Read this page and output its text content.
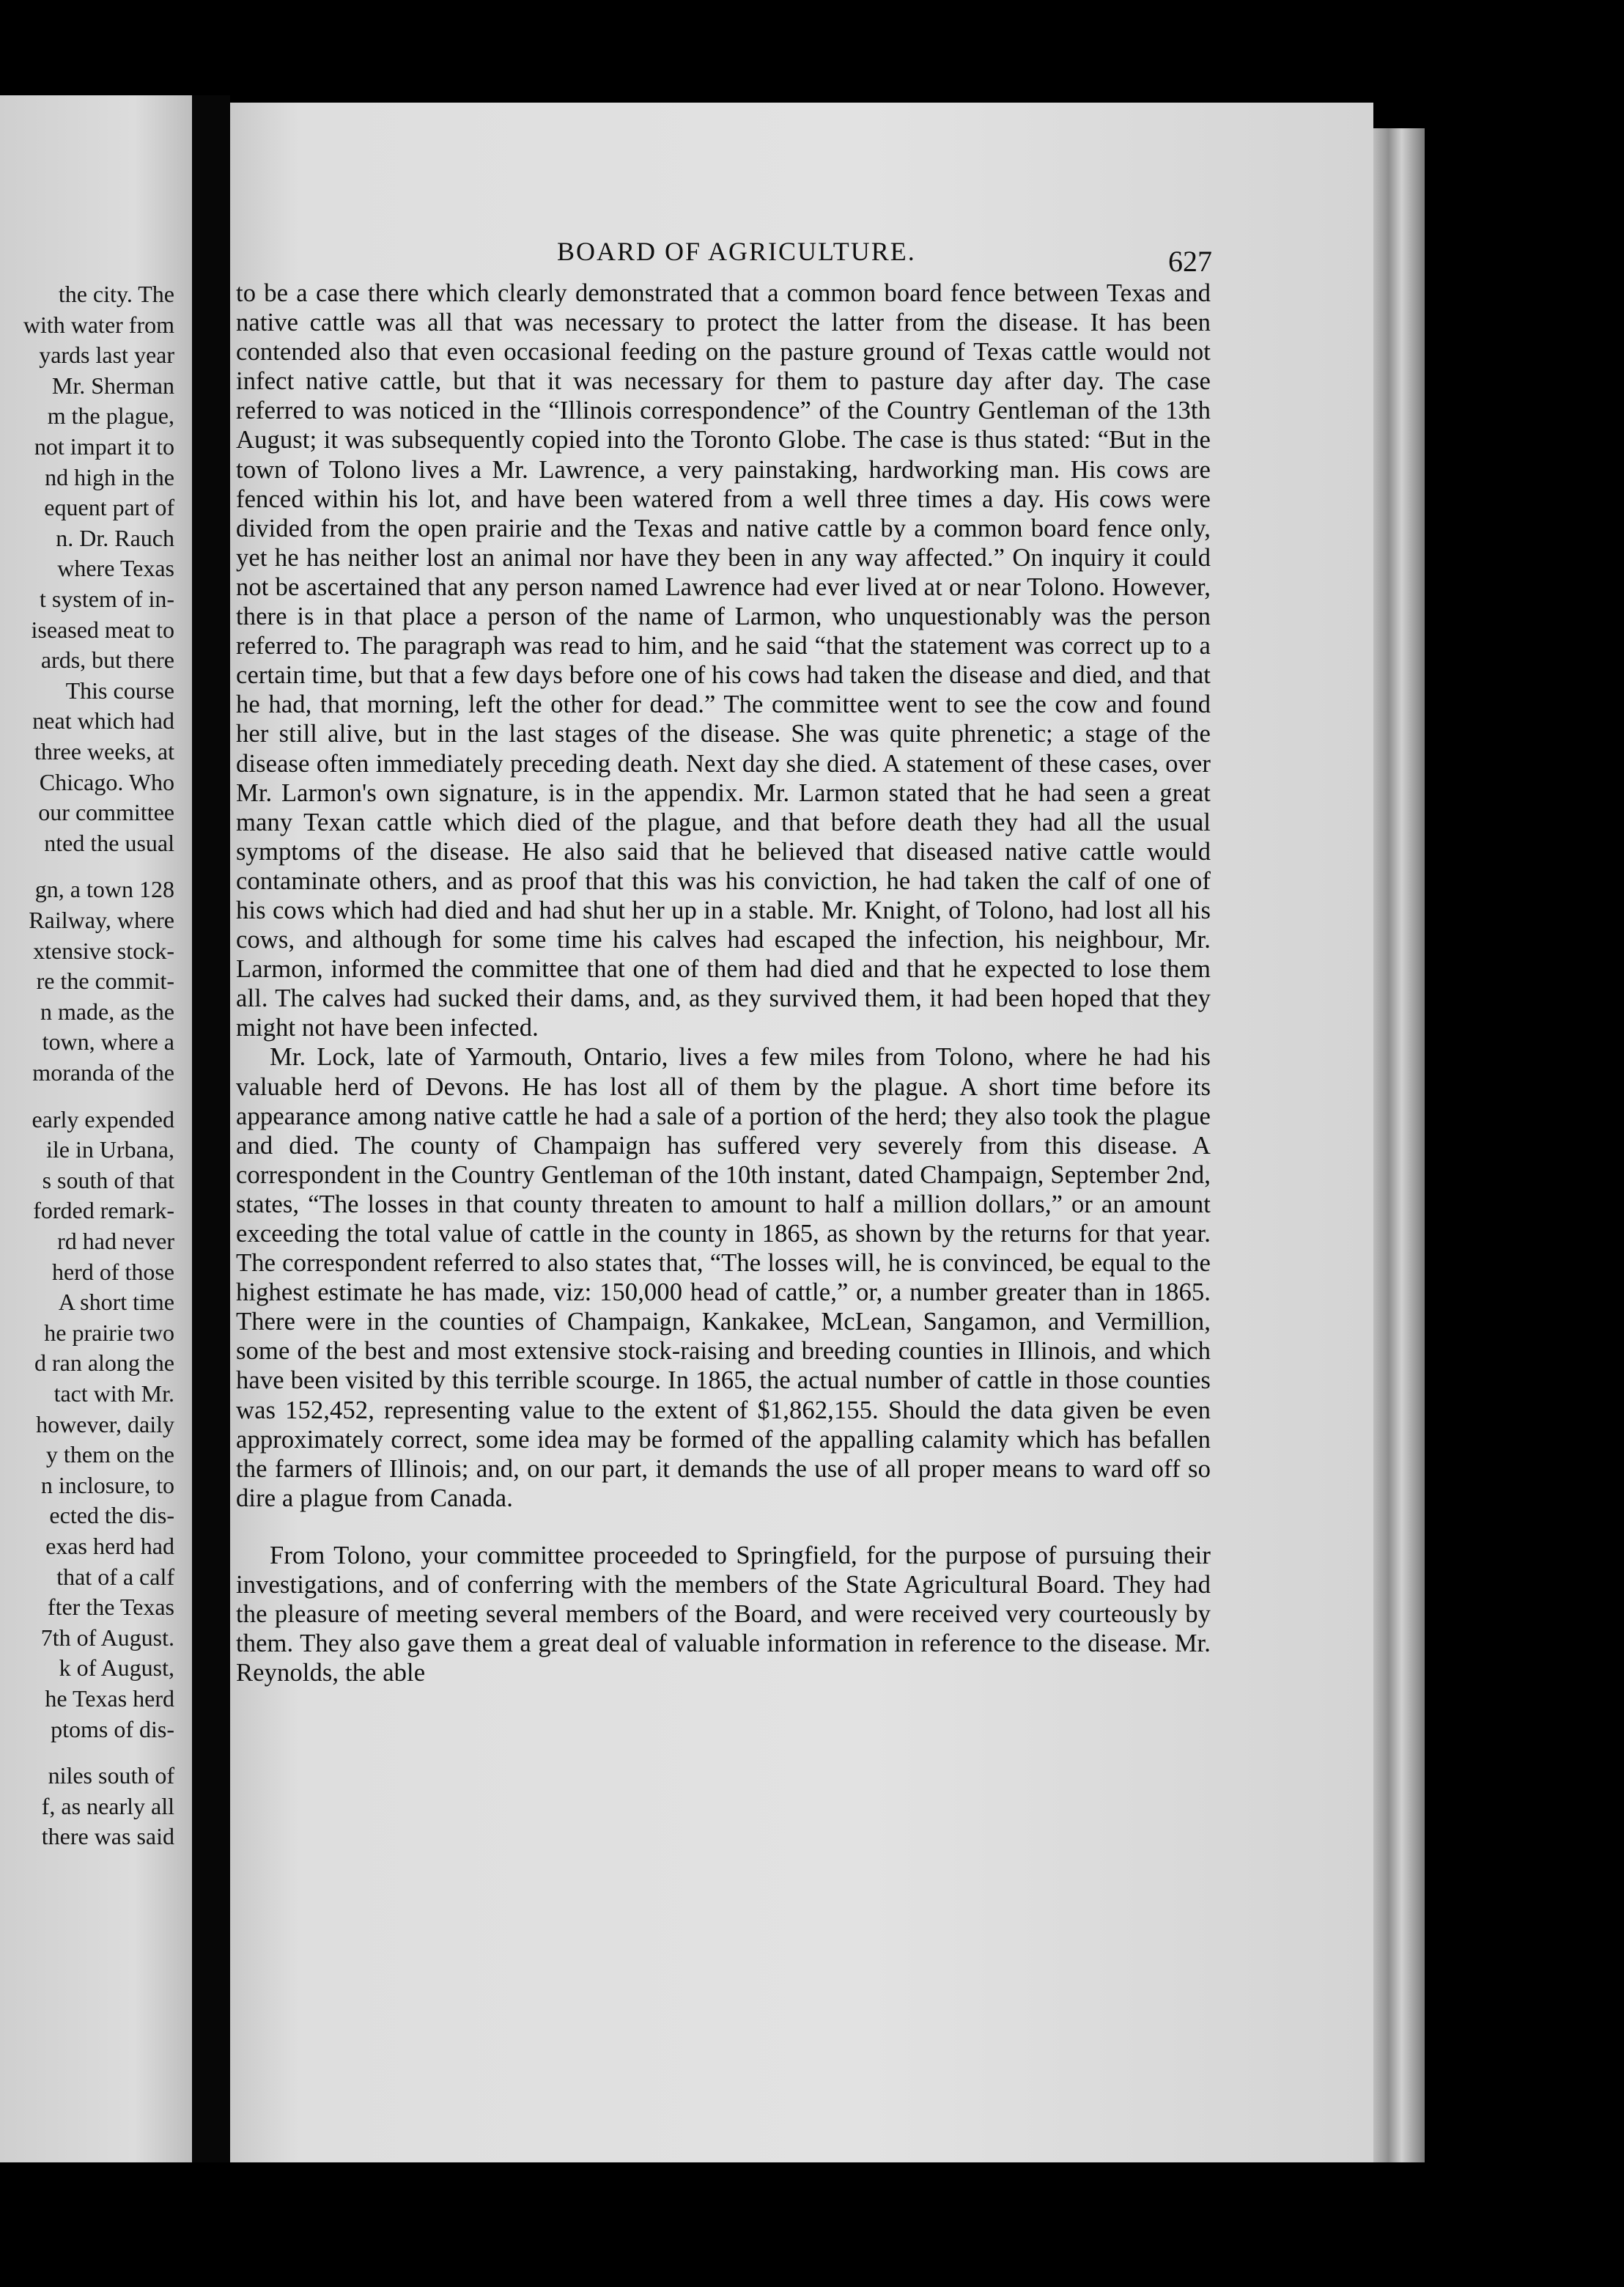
the city. The

with water from

yards last year

Mr. Sherman

m the plague,

not impart it to

nd high in the

equent part of

n. Dr. Rauch

where Texas

t system of in-

iseased meat to

ards, but there

This course

neat which had

three weeks, at

Chicago. Who

our committee

nted the usual

gn, a town 128

Railway, where

xtensive stock-

re the commit-

n made, as the

town, where a

moranda of the

early expended

ile in Urbana,

s south of that

forded remark-

rd had never

herd of those

A short time

he prairie two

d ran along the

tact with Mr.

however, daily

y them on the

n inclosure, to

ected the dis-

exas herd had

that of a calf

fter the Texas

7th of August.

k of August,

he Texas herd

ptoms of dis-

niles south of

f, as nearly all

there was said

BOARD OF AGRICULTURE.	627

to be a case there which clearly demonstrated that a common board fence between Texas and native cattle was all that was necessary to protect the latter from the disease. It has been contended also that even occasional feeding on the pasture ground of Texas cattle would not infect native cattle, but that it was necessary for them to pasture day after day. The case referred to was noticed in the “Illinois correspondence” of the Country Gentleman of the 13th August; it was subsequently copied into the Toronto Globe. The case is thus stated: “But in the town of Tolono lives a Mr. Lawrence, a very painstaking, hardworking man. His cows are fenced within his lot, and have been watered from a well three times a day. His cows were divided from the open prairie and the Texas and native cattle by a common board fence only, yet he has neither lost an animal nor have they been in any way affected.” On inquiry it could not be ascertained that any person named Lawrence had ever lived at or near Tolono. However, there is in that place a person of the name of Larmon, who unquestionably was the person referred to. The paragraph was read to him, and he said “that the statement was correct up to a certain time, but that a few days before one of his cows had taken the disease and died, and that he had, that morning, left the other for dead.” The committee went to see the cow and found her still alive, but in the last stages of the disease. She was quite phrenetic; a stage of the disease often immediately preceding death. Next day she died. A statement of these cases, over Mr. Larmon's own signature, is in the appendix. Mr. Larmon stated that he had seen a great many Texan cattle which died of the plague, and that before death they had all the usual symptoms of the disease. He also said that he believed that diseased native cattle would contaminate others, and as proof that this was his conviction, he had taken the calf of one of his cows which had died and had shut her up in a stable. Mr. Knight, of Tolono, had lost all his cows, and although for some time his calves had escaped the infection, his neighbour, Mr. Larmon, informed the committee that one of them had died and that he expected to lose them all. The calves had sucked their dams, and, as they survived them, it had been hoped that they might not have been infected.

Mr. Lock, late of Yarmouth, Ontario, lives a few miles from Tolono, where he had his valuable herd of Devons. He has lost all of them by the plague. A short time before its appearance among native cattle he had a sale of a portion of the herd; they also took the plague and died. The county of Champaign has suffered very severely from this disease. A correspondent in the Country Gentleman of the 10th instant, dated Champaign, September 2nd, states, “The losses in that county threaten to amount to half a million dollars,” or an amount exceeding the total value of cattle in the county in 1865, as shown by the returns for that year. The correspondent referred to also states that, “The losses will, he is convinced, be equal to the highest estimate he has made, viz: 150,000 head of cattle,” or, a number greater than in 1865. There were in the counties of Champaign, Kankakee, McLean, Sangamon, and Vermillion, some of the best and most extensive stock-raising and breeding counties in Illinois, and which have been visited by this terrible scourge. In 1865, the actual number of cattle in those counties was 152,452, representing value to the extent of $1,862,155. Should the data given be even approximately correct, some idea may be formed of the appalling calamity which has befallen the farmers of Illinois; and, on our part, it demands the use of all proper means to ward off so dire a plague from Canada.

From Tolono, your committee proceeded to Springfield, for the purpose of pursuing their investigations, and of conferring with the members of the State Agricultural Board. They had the pleasure of meeting several members of the Board, and were received very courteously by them. They also gave them a great deal of valuable information in reference to the disease. Mr. Reynolds, the able
